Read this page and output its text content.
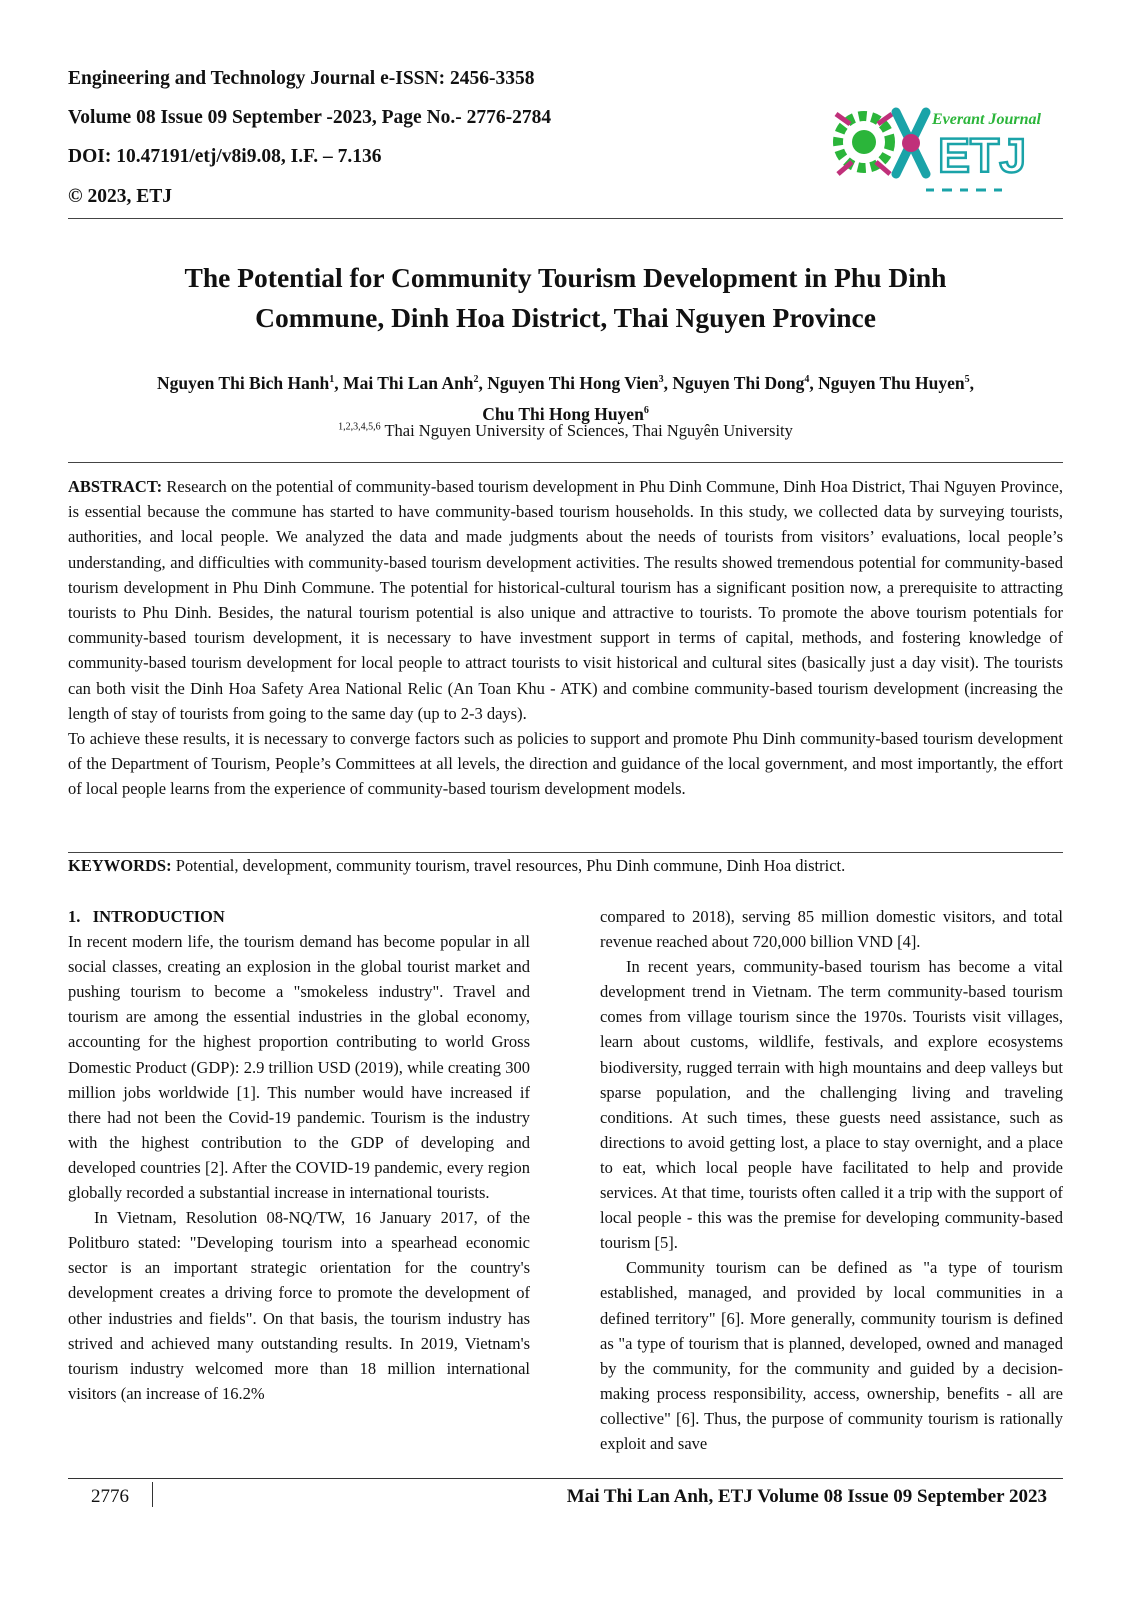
Engineering and Technology Journal e-ISSN: 2456-3358
Volume 08 Issue 09 September -2023, Page No.- 2776-2784
DOI: 10.47191/etj/v8i9.08, I.F. – 7.136
© 2023, ETJ
Everant Journal
ETJ
The Potential for Community Tourism Development in Phu Dinh
Commune, Dinh Hoa District, Thai Nguyen Province
Nguyen Thi Bich Hanh$^1$, Mai Thi Lan Anh$^2$, Nguyen Thi Hong Vien$^3$, Nguyen Thi Dong$^4$, Nguyen Thu Huyen$^5$,
Chu Thi Hong Huyen$^6$
$^{1,2,3,4,5,6}$ Thai Nguyen University of Sciences, Thai Nguyên University

ABSTRACT: Research on the potential of community-based tourism development in Phu Dinh Commune, Dinh Hoa District, Thai Nguyen Province, is essential because the commune has started to have community-based tourism households. In this study, we collected data by surveying tourists, authorities, and local people. We analyzed the data and made judgments about the needs of tourists from visitors’ evaluations, local people’s understanding, and difficulties with community-based tourism development activities. The results showed tremendous potential for community-based tourism development in Phu Dinh Commune. The potential for historical-cultural tourism has a significant position now, a prerequisite to attracting tourists to Phu Dinh. Besides, the natural tourism potential is also unique and attractive to tourists. To promote the above tourism potentials for community-based tourism development, it is necessary to have investment support in terms of capital, methods, and fostering knowledge of community-based tourism development for local people to attract tourists to visit historical and cultural sites (basically just a day visit). The tourists can both visit the Dinh Hoa Safety Area National Relic (An Toan Khu - ATK) and combine community-based tourism development (increasing the length of stay of tourists from going to the same day (up to 2-3 days).

To achieve these results, it is necessary to converge factors such as policies to support and promote Phu Dinh community-based tourism development of the Department of Tourism, People’s Committees at all levels, the direction and guidance of the local government, and most importantly, the effort of local people learns from the experience of community-based tourism development models.

KEYWORDS: Potential, development, community tourism, travel resources, Phu Dinh commune, Dinh Hoa district.

1.   INTRODUCTION

In recent modern life, the tourism demand has become popular in all social classes, creating an explosion in the global tourist market and pushing tourism to become a "smokeless industry". Travel and tourism are among the essential industries in the global economy, accounting for the highest proportion contributing to world Gross Domestic Product (GDP): 2.9 trillion USD (2019), while creating 300 million jobs worldwide [1]. This number would have increased if there had not been the Covid-19 pandemic. Tourism is the industry with the highest contribution to the GDP of developing and developed countries [2]. After the COVID-19 pandemic, every region globally recorded a substantial increase in international tourists.

In Vietnam, Resolution 08-NQ/TW, 16 January 2017, of the Politburo stated: "Developing tourism into a spearhead economic sector is an important strategic orientation for the country's development creates a driving force to promote the development of other industries and fields". On that basis, the tourism industry has strived and achieved many outstanding results. In 2019, Vietnam's tourism industry welcomed more than 18 million international visitors (an increase of 16.2%

compared to 2018), serving 85 million domestic visitors, and total revenue reached about 720,000 billion VND [4].

In recent years, community-based tourism has become a vital development trend in Vietnam. The term community-based tourism comes from village tourism since the 1970s. Tourists visit villages, learn about customs, wildlife, festivals, and explore ecosystems biodiversity, rugged terrain with high mountains and deep valleys but sparse population, and the challenging living and traveling conditions. At such times, these guests need assistance, such as directions to avoid getting lost, a place to stay overnight, and a place to eat, which local people have facilitated to help and provide services. At that time, tourists often called it a trip with the support of local people - this was the premise for developing community-based tourism [5].

Community tourism can be defined as "a type of tourism established, managed, and provided by local communities in a defined territory" [6]. More generally, community tourism is defined as "a type of tourism that is planned, developed, owned and managed by the community, for the community and guided by a decision-making process responsibility, access, ownership, benefits - all are collective" [6]. Thus, the purpose of community tourism is rationally exploit and save

2776	Mai Thi Lan Anh, ETJ Volume 08 Issue 09 September 2023
